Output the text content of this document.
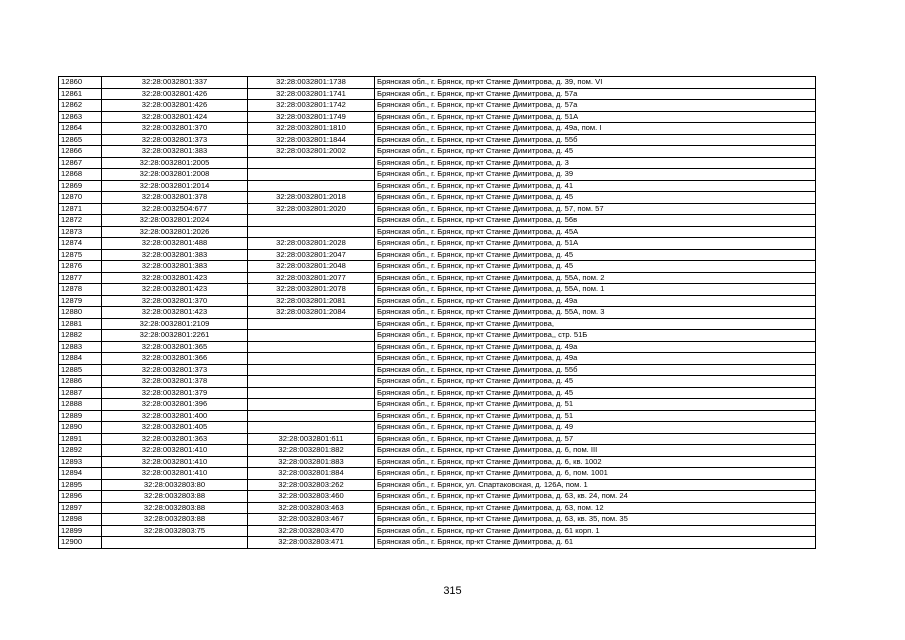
12860	32:28:0032801:337	32:28:0032801:1738	Брянская обл., г. Брянск, пр-кт Станке Димитрова, д. 39, пом. VI
12861	32:28:0032801:426	32:28:0032801:1741	Брянская обл., г. Брянск, пр-кт Станке Димитрова, д. 57а
12862	32:28:0032801:426	32:28:0032801:1742	Брянская обл., г. Брянск, пр-кт Станке Димитрова, д. 57а
12863	32:28:0032801:424	32:28:0032801:1749	Брянская обл., г. Брянск, пр-кт Станке Димитрова, д. 51А
12864	32:28:0032801:370	32:28:0032801:1810	Брянская обл., г. Брянск, пр-кт Станке Димитрова, д. 49а, пом. I
12865	32:28:0032801:373	32:28:0032801:1844	Брянская обл., г. Брянск, пр-кт Станке Димитрова, д. 55б
12866	32:28:0032801:383	32:28:0032801:2002	Брянская обл., г. Брянск, пр-кт Станке Димитрова, д. 45
12867	32:28:0032801:2005		Брянская обл., г. Брянск, пр-кт Станке Димитрова, д. 3
12868	32:28:0032801:2008		Брянская обл., г. Брянск, пр-кт Станке Димитрова, д. 39
12869	32:28:0032801:2014		Брянская обл., г. Брянск, пр-кт Станке Димитрова, д. 41
12870	32:28:0032801:378	32:28:0032801:2018	Брянская обл., г. Брянск, пр-кт Станке Димитрова, д. 45
12871	32:28:0032504:677	32:28:0032801:2020	Брянская обл., г. Брянск, пр-кт Станке Димитрова, д. 57, пом. 57
12872	32:28:0032801:2024		Брянская обл., г. Брянск, пр-кт Станке Димитрова, д. 56в
12873	32:28:0032801:2026		Брянская обл., г. Брянск, пр-кт Станке Димитрова, д. 45А
12874	32:28:0032801:488	32:28:0032801:2028	Брянская обл., г. Брянск, пр-кт Станке Димитрова, д. 51А
12875	32:28:0032801:383	32:28:0032801:2047	Брянская обл., г. Брянск, пр-кт Станке Димитрова, д. 45
12876	32:28:0032801:383	32:28:0032801:2048	Брянская обл., г. Брянск, пр-кт Станке Димитрова, д. 45
12877	32:28:0032801:423	32:28:0032801:2077	Брянская обл., г. Брянск, пр-кт Станке Димитрова, д. 55А, пом. 2
12878	32:28:0032801:423	32:28:0032801:2078	Брянская обл., г. Брянск, пр-кт Станке Димитрова, д. 55А, пом. 1
12879	32:28:0032801:370	32:28:0032801:2081	Брянская обл., г. Брянск, пр-кт Станке Димитрова, д. 49а
12880	32:28:0032801:423	32:28:0032801:2084	Брянская обл., г. Брянск, пр-кт Станке Димитрова, д. 55А, пом. 3
12881	32:28:0032801:2109		Брянская обл., г. Брянск, пр-кт Станке Димитрова,
12882	32:28:0032801:2261		Брянская обл., г. Брянск, пр-кт Станке Димитрова,, стр. 51Б
12883	32:28:0032801:365		Брянская обл., г. Брянск, пр-кт Станке Димитрова, д. 49а
12884	32:28:0032801:366		Брянская обл., г. Брянск, пр-кт Станке Димитрова, д. 49а
12885	32:28:0032801:373		Брянская обл., г. Брянск, пр-кт Станке Димитрова, д. 55б
12886	32:28:0032801:378		Брянская обл., г. Брянск, пр-кт Станке Димитрова, д. 45
12887	32:28:0032801:379		Брянская обл., г. Брянск, пр-кт Станке Димитрова, д. 45
12888	32:28:0032801:396		Брянская обл., г. Брянск, пр-кт Станке Димитрова, д. 51
12889	32:28:0032801:400		Брянская обл., г. Брянск, пр-кт Станке Димитрова, д. 51
12890	32:28:0032801:405		Брянская обл., г. Брянск, пр-кт Станке Димитрова, д. 49
12891	32:28:0032801:363	32:28:0032801:611	Брянская обл., г. Брянск, пр-кт Станке Димитрова, д. 57
12892	32:28:0032801:410	32:28:0032801:882	Брянская обл., г. Брянск, пр-кт Станке Димитрова, д. 6, пом. III
12893	32:28:0032801:410	32:28:0032801:883	Брянская обл., г. Брянск, пр-кт Станке Димитрова, д. 6, кв. 1002
12894	32:28:0032801:410	32:28:0032801:884	Брянская обл., г. Брянск, пр-кт Станке Димитрова, д. 6, пом. 1001
12895	32:28:0032803:80	32:28:0032803:262	Брянская обл., г. Брянск, ул. Спартаковская, д. 126А, пом. 1
12896	32:28:0032803:88	32:28:0032803:460	Брянская обл., г. Брянск, пр-кт Станке Димитрова, д. 63, кв. 24, пом. 24
12897	32:28:0032803:88	32:28:0032803:463	Брянская обл., г. Брянск, пр-кт Станке Димитрова, д. 63, пом. 12
12898	32:28:0032803:88	32:28:0032803:467	Брянская обл., г. Брянск, пр-кт Станке Димитрова, д. 63, кв. 35, пом. 35
12899	32:28:0032803:75	32:28:0032803:470	Брянская обл., г. Брянск, пр-кт Станке Димитрова, д. 61 корп. 1
12900		32:28:0032803:471	Брянская обл., г. Брянск, пр-кт Станке Димитрова, д. 61
315
